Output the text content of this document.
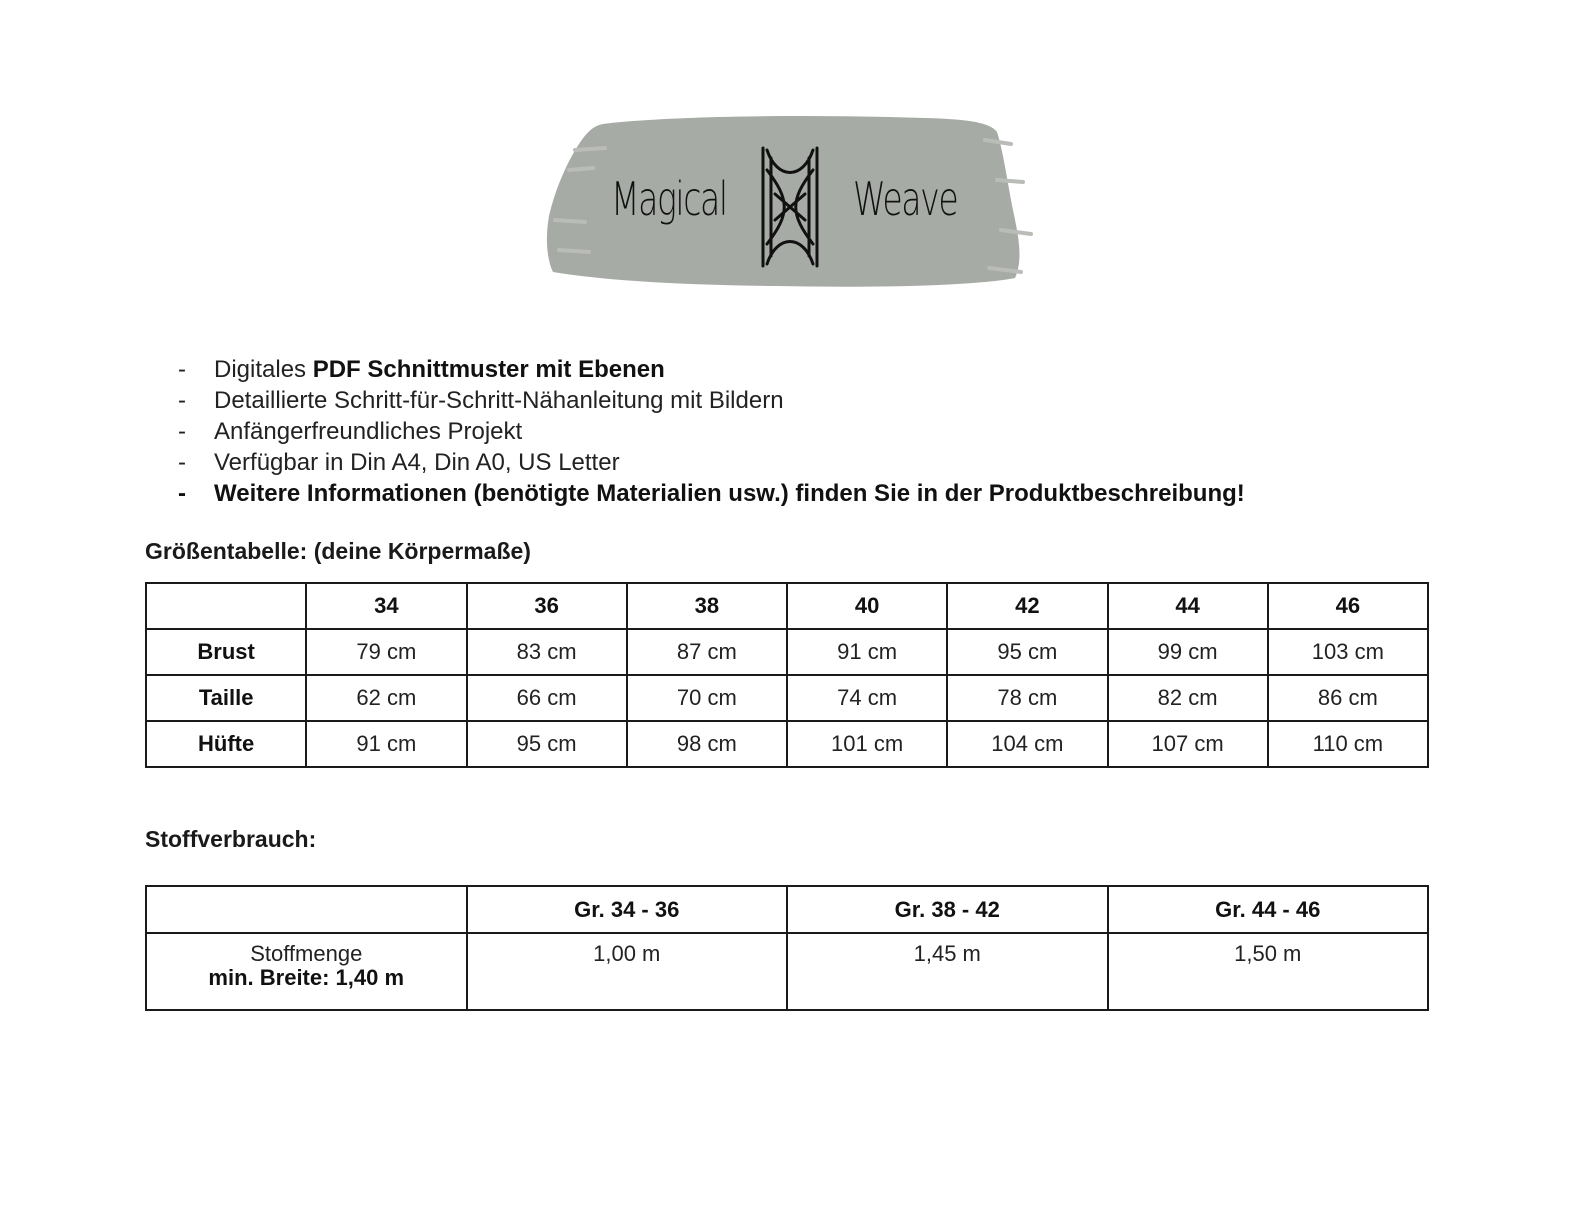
Magical	Weave
- Digitales PDF Schnittmuster mit Ebenen
- Detaillierte Schritt-für-Schritt-Nähanleitung mit Bildern
- Anfängerfreundliches Projekt
- Verfügbar in Din A4, Din A0, US Letter
- Weitere Informationen (benötigte Materialien usw.) finden Sie in der Produktbeschreibung!
Größentabelle: (deine Körpermaße)
	34	36	38	40	42	44	46
Brust	79 cm	83 cm	87 cm	91 cm	95 cm	99 cm	103 cm
Taille	62 cm	66 cm	70 cm	74 cm	78 cm	82 cm	86 cm
Hüfte	91 cm	95 cm	98 cm	101 cm	104 cm	107 cm	110 cm
Stoffverbrauch:
	Gr. 34 - 36	Gr. 38 - 42	Gr. 44 - 46
Stoffmenge
min. Breite: 1,40 m	1,00 m	1,45 m	1,50 m
